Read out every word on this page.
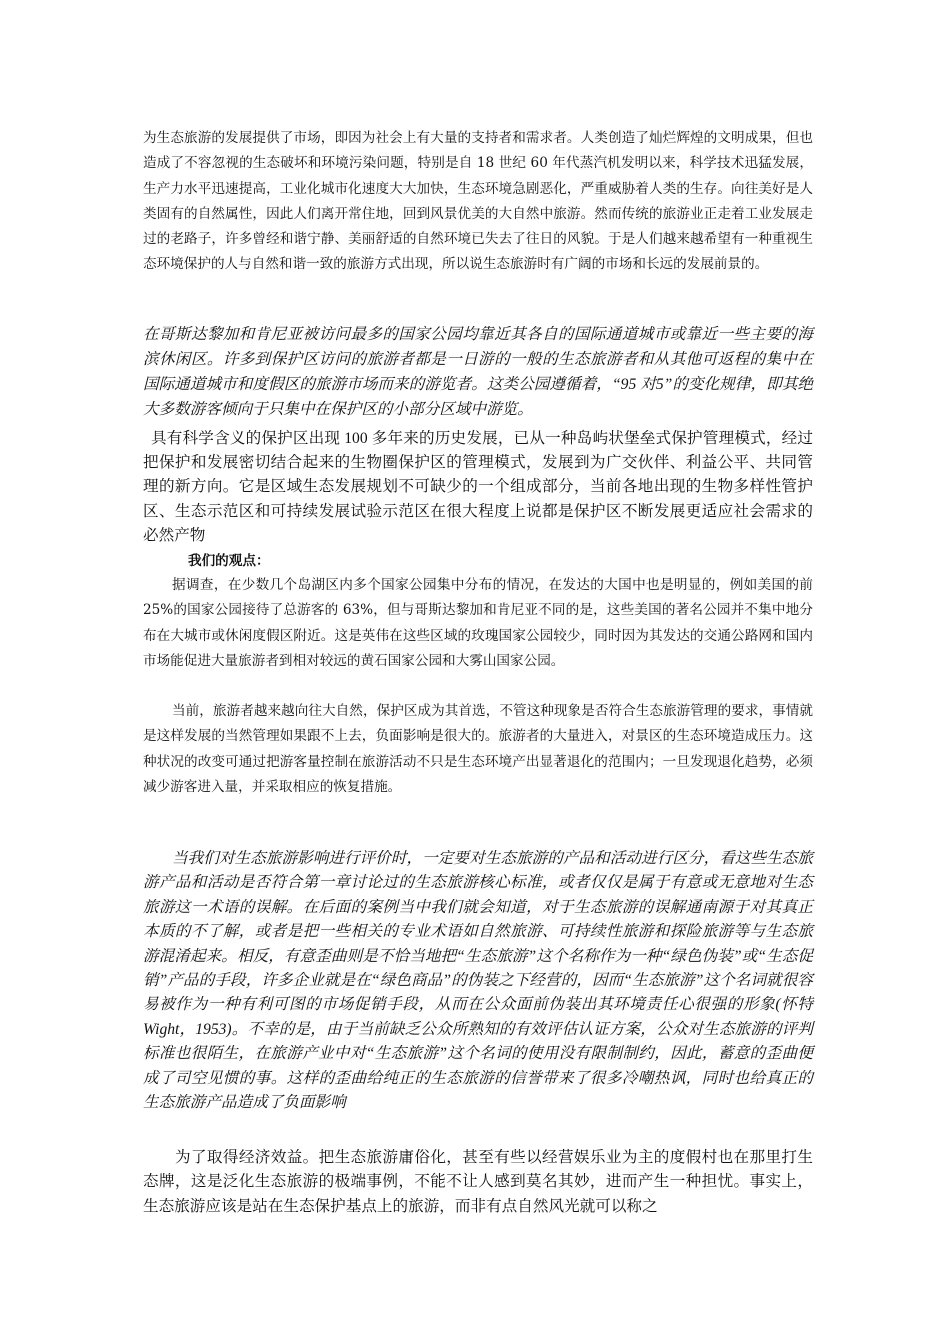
为生态旅游的发展提供了市场，即因为社会上有大量的支持者和需求者。人类创造了灿烂辉煌的文明成果，但也造成了不容忽视的生态破坏和环境污染问题，特别是自 18 世纪 60 年代蒸汽机发明以来，科学技术迅猛发展，生产力水平迅速提高，工业化城市化速度大大加快，生态环境急剧恶化，严重威胁着人类的生存。向往美好是人类固有的自然属性，因此人们离开常住地，回到风景优美的大自然中旅游。然而传统的旅游业正走着工业发展走过的老路子，许多曾经和谐宁静、美丽舒适的自然环境已失去了往日的风貌。于是人们越来越希望有一种重视生态环境保护的人与自然和谐一致的旅游方式出现，所以说生态旅游时有广阔的市场和长远的发展前景的。

在哥斯达黎加和肯尼亚被访问最多的国家公园均靠近其各自的国际通道城市或靠近一些主要的海滨休闲区。许多到保护区访问的旅游者都是一日游的一般的生态旅游者和从其他可返程的集中在国际通道城市和度假区的旅游市场而来的游览者。这类公园遵循着，“95 对5”的变化规律，即其绝大多数游客倾向于只集中在保护区的小部分区域中游览。

具有科学含义的保护区出现 100 多年来的历史发展，已从一种岛屿状堡垒式保护管理模式，经过把保护和发展密切结合起来的生物圈保护区的管理模式，发展到为广交伙伴、利益公平、共同管理的新方向。它是区域生态发展规划不可缺少的一个组成部分，当前各地出现的生物多样性管护区、生态示范区和可持续发展试验示范区在很大程度上说都是保护区不断发展更适应社会需求的必然产物

我们的观点：

据调查，在少数几个岛湖区内多个国家公园集中分布的情况，在发达的大国中也是明显的，例如美国的前 25%的国家公园接待了总游客的 63%，但与哥斯达黎加和肯尼亚不同的是，这些美国的著名公园并不集中地分布在大城市或休闲度假区附近。这是英伟在这些区域的玫瑰国家公园较少，同时因为其发达的交通公路网和国内市场能促进大量旅游者到相对较远的黄石国家公园和大雾山国家公园。

当前，旅游者越来越向往大自然，保护区成为其首选，不管这种现象是否符合生态旅游管理的要求，事情就是这样发展的当然管理如果跟不上去，负面影响是很大的。旅游者的大量进入，对景区的生态环境造成压力。这种状况的改变可通过把游客量控制在旅游活动不只是生态环境产出显著退化的范围内；一旦发现退化趋势，必须减少游客进入量，并采取相应的恢复措施。

当我们对生态旅游影响进行评价时，一定要对生态旅游的产品和活动进行区分，看这些生态旅游产品和活动是否符合第一章讨论过的生态旅游核心标准，或者仅仅是属于有意或无意地对生态旅游这一术语的误解。在后面的案例当中我们就会知道，对于生态旅游的误解通南源于对其真正本质的不了解，或者是把一些相关的专业术语如自然旅游、可持续性旅游和探险旅游等与生态旅游混淆起来。相反，有意歪曲则是不恰当地把“生态旅游”这个名称作为一种“绿色伪装”或“生态促销”产品的手段，许多企业就是在“绿色商品”的伪装之下经营的，因而“生态旅游”这个名词就很容易被作为一种有利可图的市场促销手段，从而在公众面前伪装出其环境责任心很强的形象(怀特 Wight，1953)。不幸的是，由于当前缺乏公众所熟知的有效评估认证方案，公众对生态旅游的评判标准也很陌生，在旅游产业中对“生态旅游”这个名词的使用没有限制制约，因此，蓄意的歪曲便成了司空见惯的事。这样的歪曲给纯正的生态旅游的信誉带来了很多冷嘲热讽，同时也给真正的生态旅游产品造成了负面影响

为了取得经济效益。把生态旅游庸俗化，甚至有些以经营娱乐业为主的度假村也在那里打生态牌，这是泛化生态旅游的极端事例，不能不让人感到莫名其妙，进而产生一种担忧。事实上，生态旅游应该是站在生态保护基点上的旅游，而非有点自然风光就可以称之
